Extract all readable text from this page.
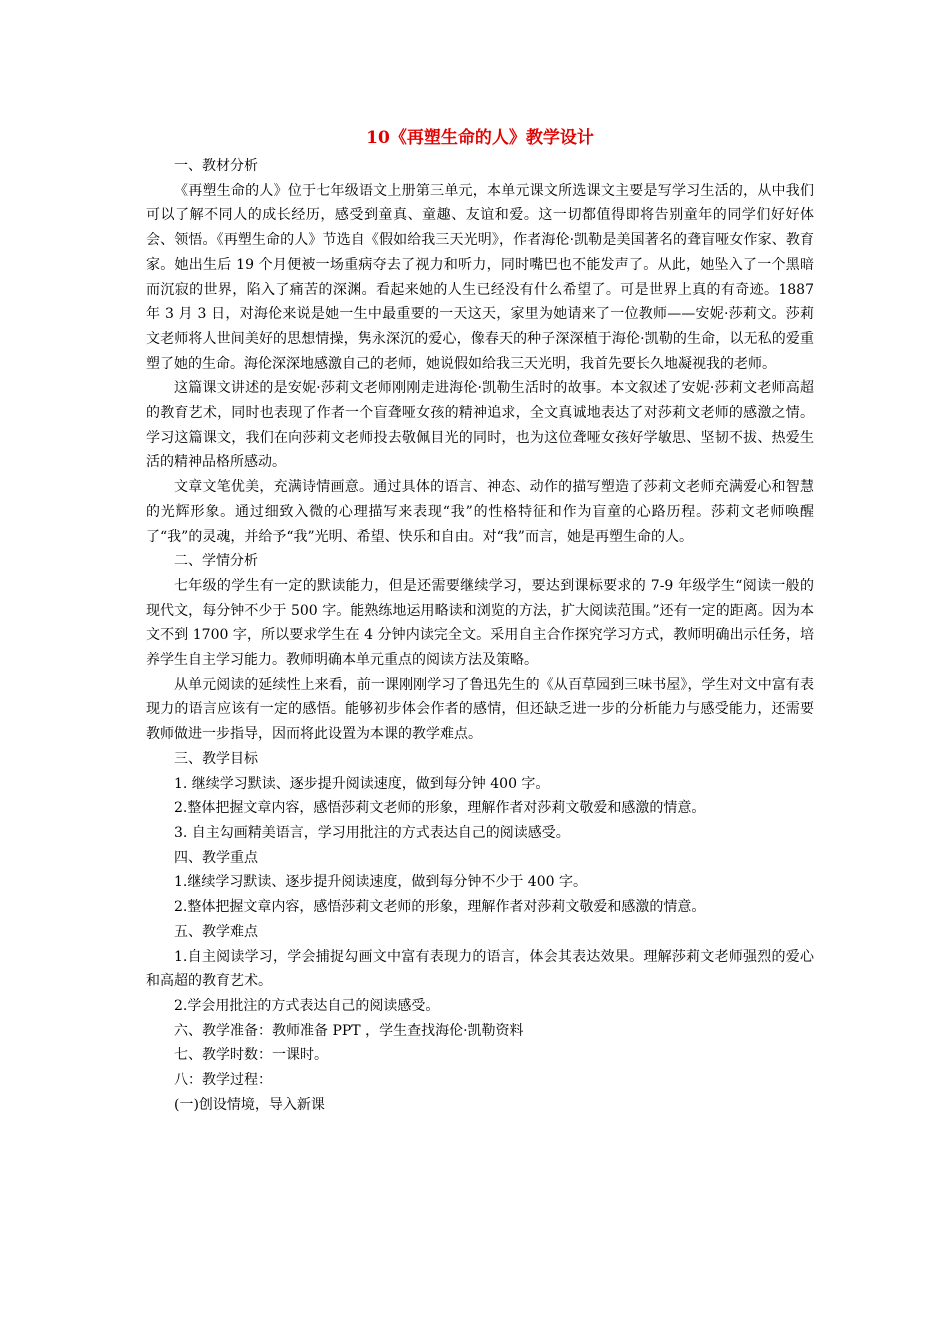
10《再塑生命的人》教学设计

一、教材分析

《再塑生命的人》位于七年级语文上册第三单元，本单元课文所选课文主要是写学习生活的，从中我们可以了解不同人的成长经历，感受到童真、童趣、友谊和爱。这一切都值得即将告别童年的同学们好好体会、领悟。《再塑生命的人》节选自《假如给我三天光明》，作者海伦·凯勒是美国著名的聋盲哑女作家、教育家。她出生后 19 个月便被一场重病夺去了视力和听力，同时嘴巴也不能发声了。从此，她坠入了一个黑暗而沉寂的世界，陷入了痛苦的深渊。看起来她的人生已经没有什么希望了。可是世界上真的有奇迹。1887 年 3 月 3 日，对海伦来说是她一生中最重要的一天这天，家里为她请来了一位教师——安妮·莎莉文。莎莉文老师将人世间美好的思想情操，隽永深沉的爱心，像春天的种子深深植于海伦·凯勒的生命，以无私的爱重塑了她的生命。海伦深深地感激自己的老师，她说假如给我三天光明，我首先要长久地凝视我的老师。

这篇课文讲述的是安妮·莎莉文老师刚刚走进海伦·凯勒生活时的故事。本文叙述了安妮·莎莉文老师高超的教育艺术，同时也表现了作者一个盲聋哑女孩的精神追求，全文真诚地表达了对莎莉文老师的感激之情。学习这篇课文，我们在向莎莉文老师投去敬佩目光的同时，也为这位聋哑女孩好学敏思、坚韧不拔、热爱生活的精神品格所感动。

文章文笔优美，充满诗情画意。通过具体的语言、神态、动作的描写塑造了莎莉文老师充满爱心和智慧的光辉形象。通过细致入微的心理描写来表现“我”的性格特征和作为盲童的心路历程。莎莉文老师唤醒了“我”的灵魂，并给予“我”光明、希望、快乐和自由。对“我”而言，她是再塑生命的人。

二、学情分析

七年级的学生有一定的默读能力，但是还需要继续学习，要达到课标要求的 7-9 年级学生“阅读一般的现代文，每分钟不少于 500 字。能熟练地运用略读和浏览的方法，扩大阅读范围。”还有一定的距离。因为本文不到 1700 字，所以要求学生在 4 分钟内读完全文。采用自主合作探究学习方式，教师明确出示任务，培养学生自主学习能力。教师明确本单元重点的阅读方法及策略。

从单元阅读的延续性上来看，前一课刚刚学习了鲁迅先生的《从百草园到三味书屋》，学生对文中富有表现力的语言应该有一定的感悟。能够初步体会作者的感情，但还缺乏进一步的分析能力与感受能力，还需要教师做进一步指导，因而将此设置为本课的教学难点。

三、教学目标

1. 继续学习默读、逐步提升阅读速度，做到每分钟 400 字。

2.整体把握文章内容，感悟莎莉文老师的形象，理解作者对莎莉文敬爱和感激的情意。

3. 自主勾画精美语言，学习用批注的方式表达自己的阅读感受。

四、教学重点

1.继续学习默读、逐步提升阅读速度，做到每分钟不少于 400 字。

2.整体把握文章内容，感悟莎莉文老师的形象，理解作者对莎莉文敬爱和感激的情意。

五、教学难点

1.自主阅读学习，学会捕捉勾画文中富有表现力的语言，体会其表达效果。理解莎莉文老师强烈的爱心和高超的教育艺术。

2.学会用批注的方式表达自己的阅读感受。

六、教学准备：教师准备 PPT ，学生查找海伦·凯勒资料

七、教学时数：一课时。

八：教学过程：

(一)创设情境，导入新课
